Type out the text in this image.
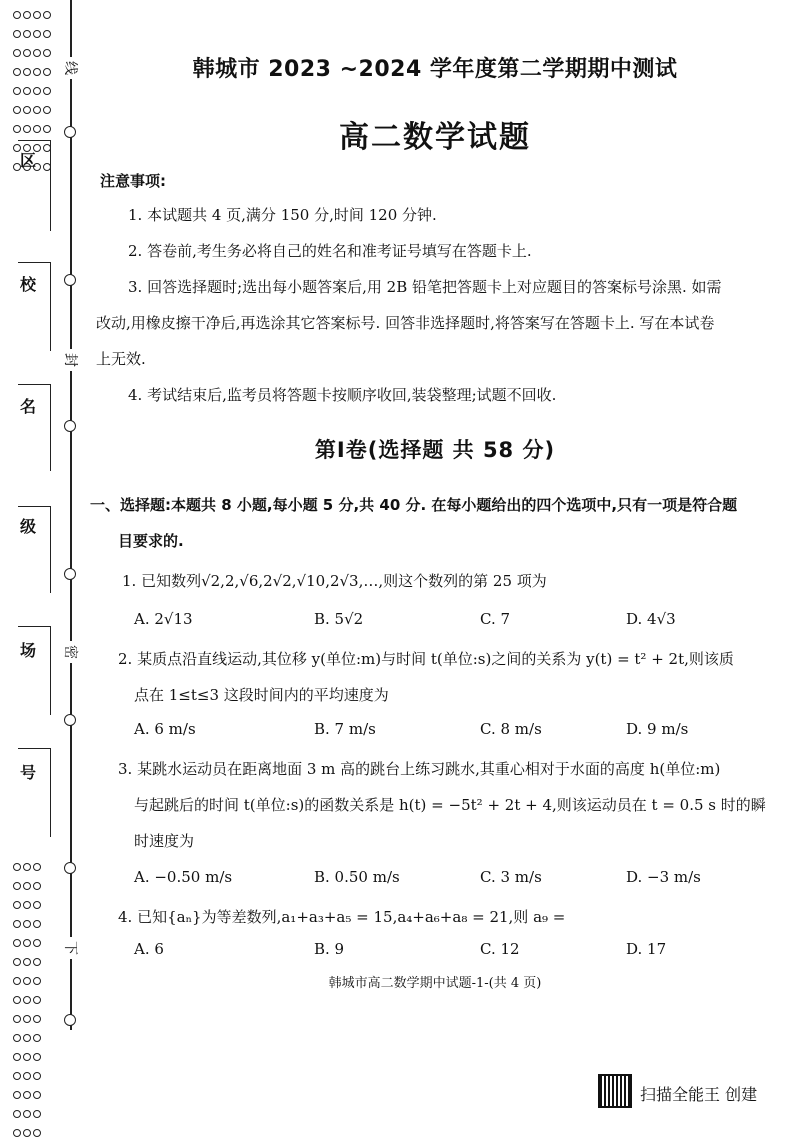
线
封
密
下
区
校
名
级
场
号
韩城市 2023 ~2024 学年度第二学期期中测试
高二数学试题
注意事项:
1. 本试题共 4 页,满分 150 分,时间 120 分钟.
2. 答卷前,考生务必将自己的姓名和准考证号填写在答题卡上.
3. 回答选择题时;选出每小题答案后,用 2B 铅笔把答题卡上对应题目的答案标号涂黑. 如需
改动,用橡皮擦干净后,再选涂其它答案标号. 回答非选择题时,将答案写在答题卡上. 写在本试卷
上无效.
4. 考试结束后,监考员将答题卡按顺序收回,装袋整理;试题不回收.
第Ⅰ卷(选择题 共 58 分)
一、选择题:本题共 8 小题,每小题 5 分,共 40 分. 在每小题给出的四个选项中,只有一项是符合题
目要求的.
1. 已知数列√2,2,√6,2√2,√10,2√3,…,则这个数列的第 25 项为
A. 2√13	B. 5√2	C. 7	D. 4√3
2. 某质点沿直线运动,其位移 y(单位:m)与时间 t(单位:s)之间的关系为 y(t) = t² + 2t,则该质
点在 1≤t≤3 这段时间内的平均速度为
A. 6 m/s	B. 7 m/s	C. 8 m/s	D. 9 m/s
3. 某跳水运动员在距离地面 3 m 高的跳台上练习跳水,其重心相对于水面的高度 h(单位:m)
与起跳后的时间 t(单位:s)的函数关系是 h(t) = −5t² + 2t + 4,则该运动员在 t = 0.5 s 时的瞬
时速度为
A. −0.50 m/s	B. 0.50 m/s	C. 3 m/s	D. −3 m/s
4. 已知{aₙ}为等差数列,a₁+a₃+a₅ = 15,a₄+a₆+a₈ = 21,则 a₉ =
A. 6	B. 9	C. 12	D. 17
韩城市高二数学期中试题-1-(共 4 页)
扫描全能王 创建
